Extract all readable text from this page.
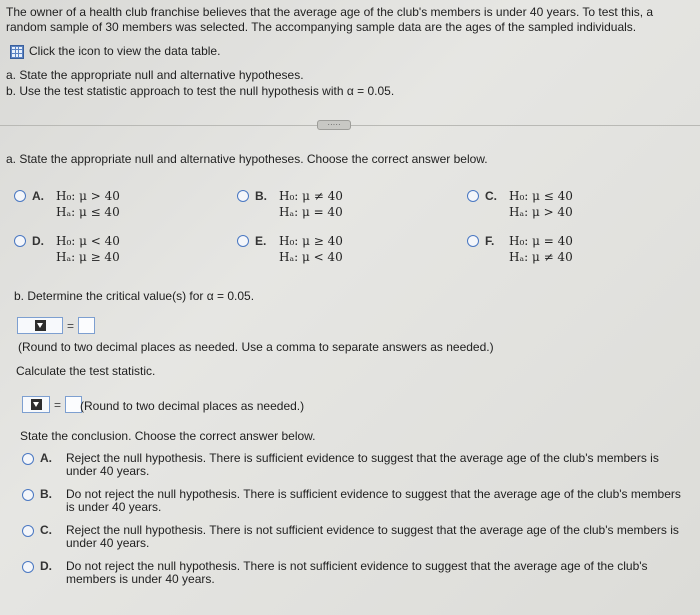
The owner of a health club franchise believes that the average age of the club's members is under 40 years. To test this, a
random sample of 30 members was selected. The accompanying sample data are the ages of the sampled individuals.
Click the icon to view the data table.
a. State the appropriate null and alternative hypotheses.
b. Use the test statistic approach to test the null hypothesis with α = 0.05.
·····
a. State the appropriate null and alternative hypotheses. Choose the correct answer below.
A.	H₀: μ > 40
Hₐ: μ ≤ 40
B.	H₀: μ ≠ 40
Hₐ: μ = 40
C.	H₀: μ ≤ 40
Hₐ: μ > 40
D.	H₀: μ < 40
Hₐ: μ ≥ 40
E.	H₀: μ ≥ 40
Hₐ: μ < 40
F.	H₀: μ = 40
Hₐ: μ ≠ 40
b. Determine the critical value(s) for α = 0.05.
=
(Round to two decimal places as needed. Use a comma to separate answers as needed.)
Calculate the test statistic.
= (Round to two decimal places as needed.)
State the conclusion. Choose the correct answer below.
A.	Reject the null hypothesis. There is sufficient evidence to suggest that the average age of the club's members is under 40 years.
B.	Do not reject the null hypothesis. There is sufficient evidence to suggest that the average age of the club's members is under 40 years.
C.	Reject the null hypothesis. There is not sufficient evidence to suggest that the average age of the club's members is under 40 years.
D.	Do not reject the null hypothesis. There is not sufficient evidence to suggest that the average age of the club's members is under 40 years.
